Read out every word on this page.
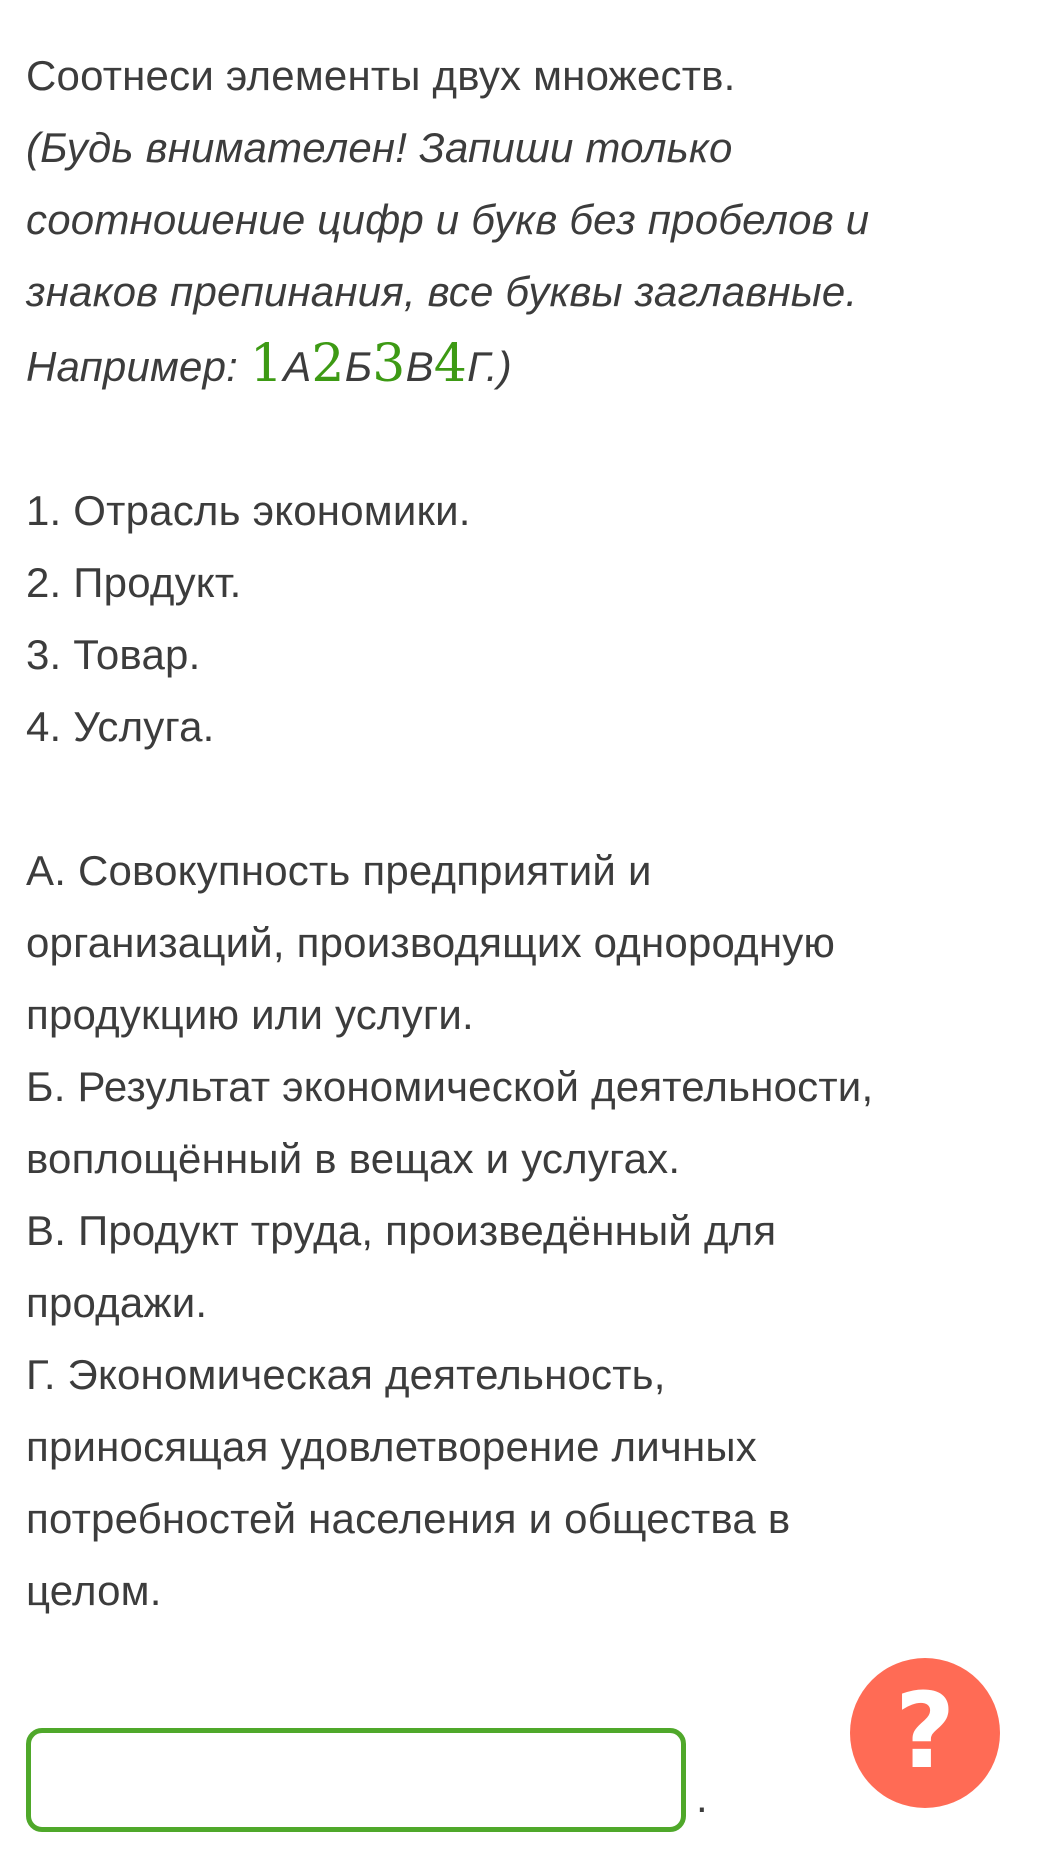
Соотнеси элементы двух множеств.
(Будь внимателен! Запиши только
соотношение цифр и букв без пробелов и
знаков препинания, все буквы заглавные.
Например: 1А2Б3В4Г.)
1. Отрасль экономики.
2. Продукт.
3. Товар.
4. Услуга.
А. Совокупность предприятий и
организаций, производящих однородную
продукцию или услуги.
Б. Результат экономической деятельности,
воплощённый в вещах и услугах.
В. Продукт труда, произведённый для
продажи.
Г. Экономическая деятельность,
приносящая удовлетворение личных
потребностей населения и общества в
целом.
.
?
